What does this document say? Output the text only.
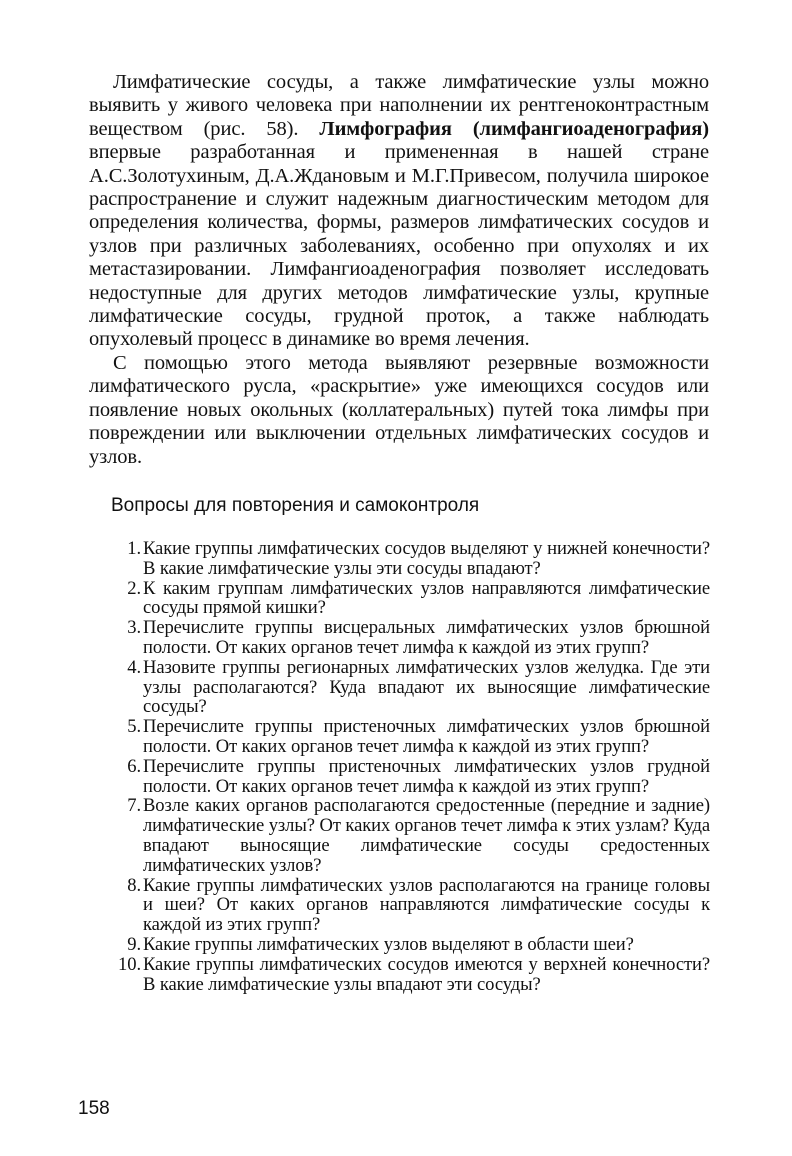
Лимфатические сосуды, а также лимфатические узлы можно выявить у живого человека при наполнении их рентгеноконтрастным веществом (рис. 58). Лимфография (лимфангиоаденография) впервые разработанная и примененная в нашей стране А.С.Золотухиным, Д.А.Ждановым и М.Г.Привесом, получила широкое распространение и служит надежным диагностическим методом для определения количества, формы, размеров лимфатических сосудов и узлов при различных заболеваниях, особенно при опухолях и их метастазировании. Лимфангиоаденография позволяет исследовать недоступные для других методов лимфатические узлы, крупные лимфатические сосуды, грудной проток, а также наблюдать опухолевый процесс в динамике во время лечения.

С помощью этого метода выявляют резервные возможности лимфатического русла, «раскрытие» уже имеющихся сосудов или появление новых окольных (коллатеральных) путей тока лимфы при повреждении или выключении отдельных лимфатических сосудов и узлов.

Вопросы для повторения и самоконтроля
1. Какие группы лимфатических сосудов выделяют у нижней конечности? В какие лимфатические узлы эти сосуды впадают?
2. К каким группам лимфатических узлов направляются лимфатические сосуды прямой кишки?
3. Перечислите группы висцеральных лимфатических узлов брюшной полости. От каких органов течет лимфа к каждой из этих групп?
4. Назовите группы регионарных лимфатических узлов желудка. Где эти узлы располагаются? Куда впадают их выносящие лимфатические сосуды?
5. Перечислите группы пристеночных лимфатических узлов брюшной полости. От каких органов течет лимфа к каждой из этих групп?
6. Перечислите группы пристеночных лимфатических узлов грудной полости. От каких органов течет лимфа к каждой из этих групп?
7. Возле каких органов располагаются средостенные (передние и задние) лимфатические узлы? От каких органов течет лимфа к этих узлам? Куда впадают выносящие лимфатические сосуды средостенных лимфатических узлов?
8. Какие группы лимфатических узлов располагаются на границе головы и шеи? От каких органов направляются лимфатические сосуды к каждой из этих групп?
9. Какие группы лимфатических узлов выделяют в области шеи?
10. Какие группы лимфатических сосудов имеются у верхней конечности? В какие лимфатические узлы впадают эти сосуды?
158
